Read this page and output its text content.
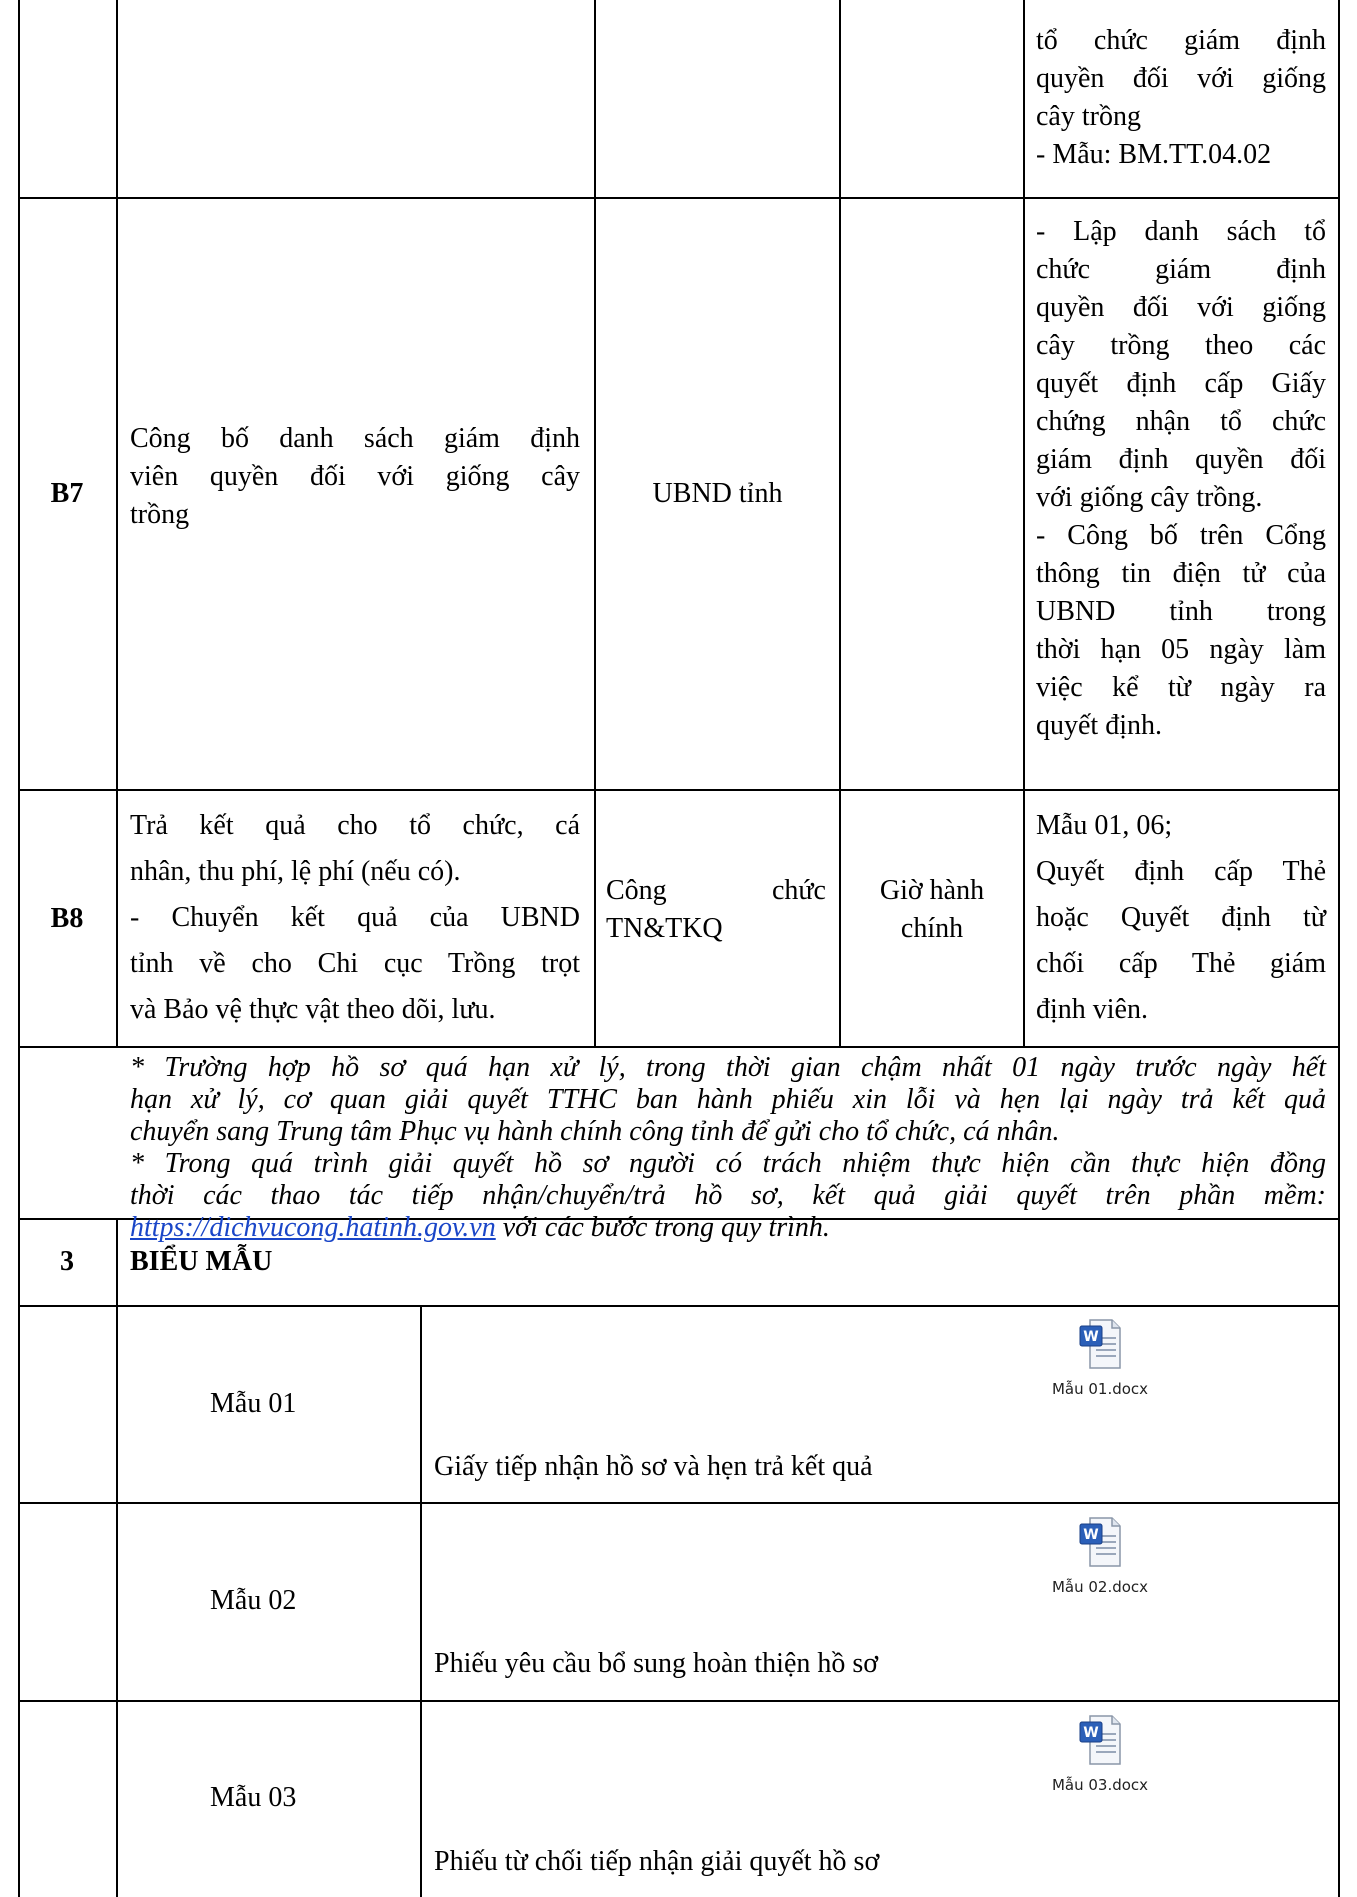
tổ chức giám định
quyền đối với giống
cây trồng
- Mẫu: BM.TT.04.02
B7
Công bố danh sách giám định
viên quyền đối với giống cây
trồng
UBND tỉnh
- Lập danh sách tổ
chức giám định
quyền đối với giống
cây trồng theo các
quyết định cấp Giấy
chứng nhận tổ chức
giám định quyền đối
với giống cây trồng.
- Công bố trên Cổng
thông tin điện tử của
UBND tỉnh trong
thời hạn 05 ngày làm
việc kể từ ngày ra
quyết định.
B8
Trả kết quả cho tổ chức, cá
nhân, thu phí, lệ phí (nếu có).
- Chuyển kết quả của UBND
tỉnh về cho Chi cục Trồng trọt
và Bảo vệ thực vật theo dõi, lưu.
Công chức
TN&TKQ
Giờ hành
chính
Mẫu 01, 06;
Quyết định cấp Thẻ
hoặc Quyết định từ
chối cấp Thẻ giám
định viên.
* Trường hợp hồ sơ quá hạn xử lý, trong thời gian chậm nhất 01 ngày trước ngày hết
hạn xử lý, cơ quan giải quyết TTHC ban hành phiếu xin lỗi và hẹn lại ngày trả kết quả
chuyển sang Trung tâm Phục vụ hành chính công tỉnh để gửi cho tổ chức, cá nhân.
* Trong quá trình giải quyết hồ sơ người có trách nhiệm thực hiện cần thực hiện đồng
thời các thao tác tiếp nhận/chuyển/trả hồ sơ, kết quả giải quyết trên phần mềm:
https://dichvucong.hatinh.gov.vn với các bước trong quy trình.
3	BIỂU MẪU
Mẫu 01
Giấy tiếp nhận hồ sơ và hẹn trả kết quả
W
Mẫu 01.docx
Mẫu 02
Phiếu yêu cầu bổ sung hoàn thiện hồ sơ
W
Mẫu 02.docx
Mẫu 03
Phiếu từ chối tiếp nhận giải quyết hồ sơ
W
Mẫu 03.docx
